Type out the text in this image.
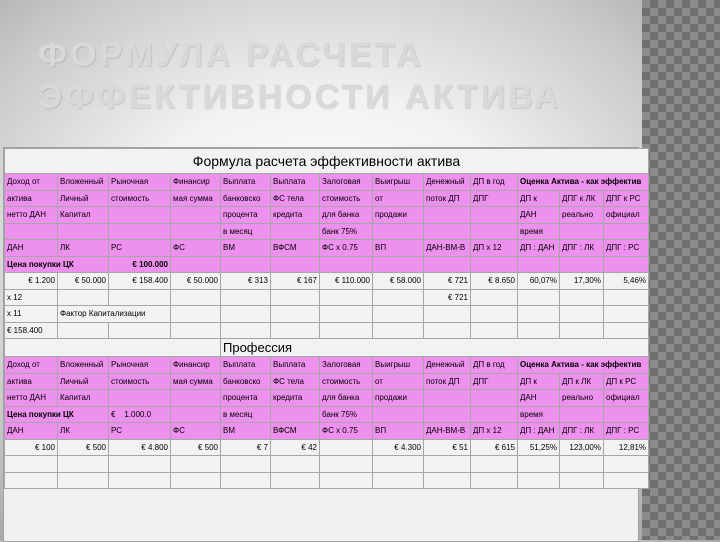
ФОРМУЛА РАСЧЕТА
ЭФФЕКТИВНОСТИ АКТИВА
Формула расчета эффективности актива												
Доход от	Вложенный	Рыночная	Финансир	Выплата	Выплата	Залоговая	Выигрыш	Денежный	ДП в год	Оценка Актива - как эффектив		
актива	Личный	стоимость	мая сумма	банковско	ФС тела	стоимость	от	поток ДП	ДПГ	ДП к	ДПГ к ЛК	ДПГ к РС
нетто ДАН	Капитал			процента	кредита	для банка	продажи			ДАН	реально	официал
				в месяц		банк 75%				время		
ДАН	ЛК	РС	ФС	ВМ	ВФСМ	ФС х 0.75	ВП	ДАН-ВМ-В	ДП х 12	ДП : ДАН	ДПГ : ЛК	ДПГ : РС
Цена покупки ЦК		€ 100.000										
€ 1.200	€ 50.000	€ 158.400	€ 50.000	€ 313	€ 167	€ 110.000	€ 58.000	€ 721	€ 8.650	60,07%	17,30%	5,46%
х 12								€ 721				
х 11	Фактор Капитализации											
€ 158.400												
				Профессия								
Доход от	Вложенный	Рыночная	Финансир	Выплата	Выплата	Залоговая	Выигрыш	Денежный	ДП в год	Оценка Актива - как эффектив		
актива	Личный	стоимость	мая сумма	банковско	ФС тела	стоимость	от	поток ДП	ДПГ	ДП к	ДП к ЛК	ДП к РС
нетто ДАН	Капитал			процента	кредита	для банка	продажи			ДАН	реально	официал
Цена покупки ЦК		€ 1.000.0		в месяц		банк 75%				время		
ДАН	ЛК	РС	ФС	ВМ	ВФСМ	ФС х 0.75	ВП	ДАН-ВМ-В	ДП х 12	ДП : ДАН	ДПГ : ЛК	ДПГ : РС
€ 100	€ 500	€ 4.800	€ 500	€ 7	€ 42		€ 4.300	€ 51	€ 615	51,25%	123,00%	12,81%
